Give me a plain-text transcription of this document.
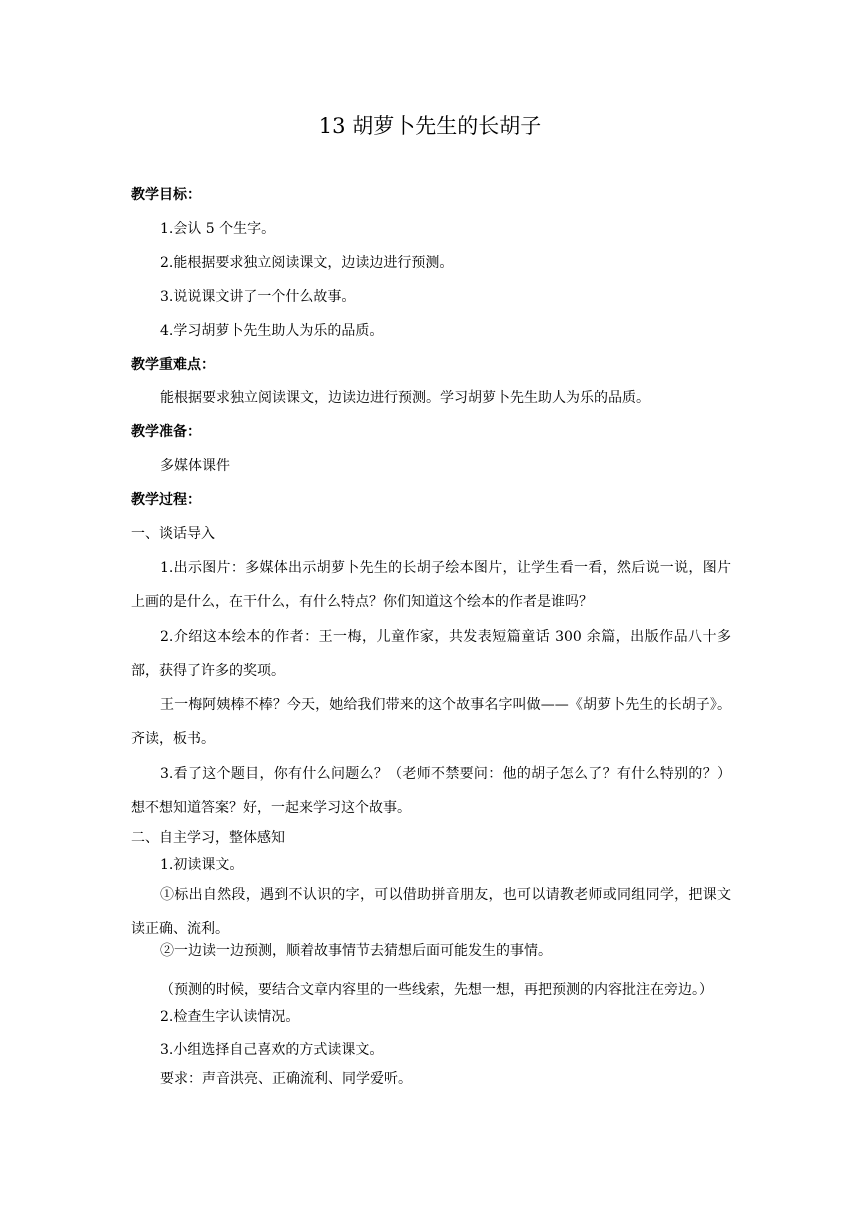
13 胡萝卜先生的长胡子
教学目标：
1.会认 5 个生字。
2.能根据要求独立阅读课文，边读边进行预测。
3.说说课文讲了一个什么故事。
4.学习胡萝卜先生助人为乐的品质。
教学重难点：
能根据要求独立阅读课文，边读边进行预测。学习胡萝卜先生助人为乐的品质。
教学准备：
多媒体课件
教学过程：
一、谈话导入
1.出示图片：多媒体出示胡萝卜先生的长胡子绘本图片，让学生看一看，然后说一说，图片上画的是什么，在干什么，有什么特点？你们知道这个绘本的作者是谁吗？
2.介绍这本绘本的作者：王一梅，儿童作家，共发表短篇童话 300 余篇，出版作品八十多部，获得了许多的奖项。
王一梅阿姨棒不棒？今天，她给我们带来的这个故事名字叫做——《胡萝卜先生的长胡子》。齐读，板书。
3.看了这个题目，你有什么问题么？（老师不禁要问：他的胡子怎么了？有什么特别的？）想不想知道答案？好，一起来学习这个故事。
二、自主学习，整体感知
1.初读课文。
①标出自然段，遇到不认识的字，可以借助拼音朋友，也可以请教老师或同组同学，把课文读正确、流利。
②一边读一边预测，顺着故事情节去猜想后面可能发生的事情。
（预测的时候，要结合文章内容里的一些线索，先想一想，再把预测的内容批注在旁边。）
2.检查生字认读情况。
3.小组选择自己喜欢的方式读课文。
要求：声音洪亮、正确流利、同学爱听。
